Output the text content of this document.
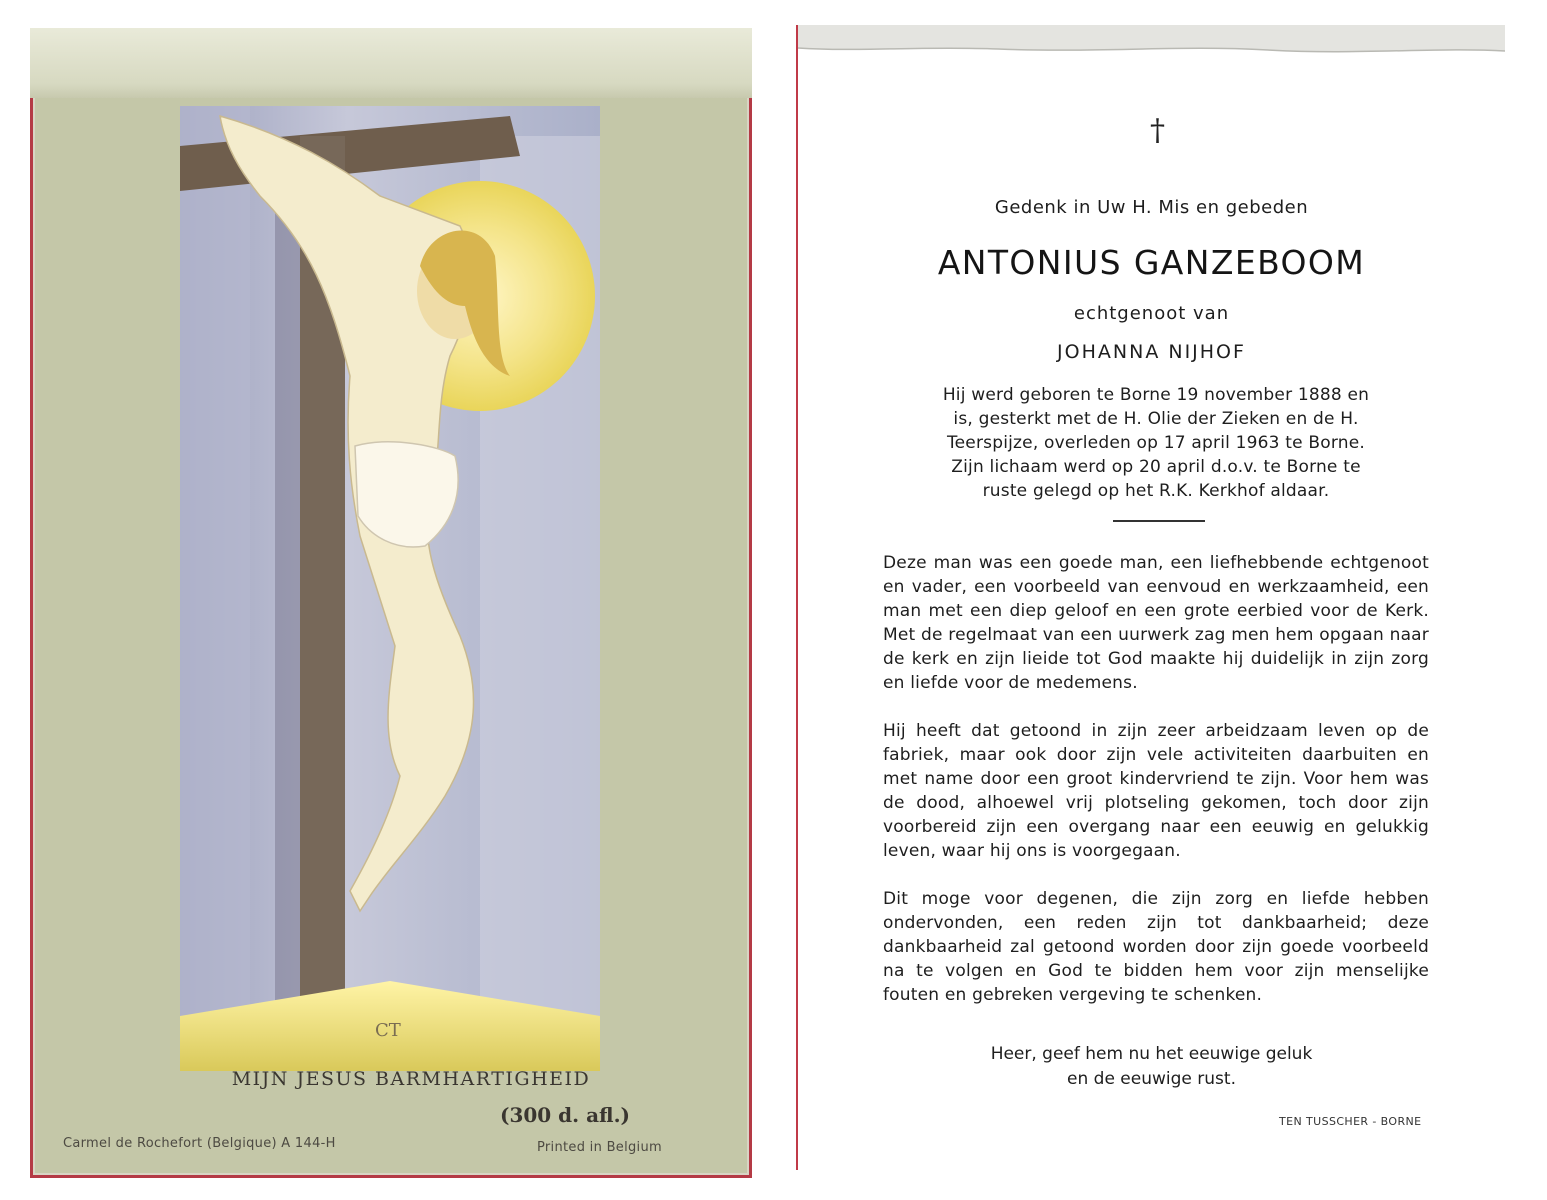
CT
MIJN JESUS BARMHARTIGHEID
(300 d. afl.)
Carmel de Rochefort (Belgique) A 144-H	Printed in Belgium
†
Gedenk in Uw H. Mis en gebeden
ANTONIUS GANZEBOOM
echtgenoot van
JOHANNA NIJHOF
Hij werd geboren te Borne 19 november 1888 en
is, gesterkt met de H. Olie der Zieken en de H.
Teerspijze, overleden op 17 april 1963 te Borne.
Zijn lichaam werd op 20 april d.o.v. te Borne te
ruste gelegd op het R.K. Kerkhof aldaar.
Deze man was een goede man, een liefhebbende echtgenoot en vader, een voorbeeld van eenvoud en werkzaamheid, een man met een diep geloof en een grote eerbied voor de Kerk. Met de regelmaat van een uurwerk zag men hem opgaan naar de kerk en zijn lieide tot God maakte hij duidelijk in zijn zorg en liefde voor de medemens.
Hij heeft dat getoond in zijn zeer arbeidzaam leven op de fabriek, maar ook door zijn vele activiteiten daarbuiten en met name door een groot kindervriend te zijn. Voor hem was de dood, alhoewel vrij plotseling gekomen, toch door zijn voorbereid zijn een overgang naar een eeuwig en gelukkig leven, waar hij ons is voorgegaan.
Dit moge voor degenen, die zijn zorg en liefde hebben ondervonden, een reden zijn tot dankbaarheid; deze dankbaarheid zal getoond worden door zijn goede voorbeeld na te volgen en God te bidden hem voor zijn menselijke fouten en gebreken vergeving te schenken.
Heer, geef hem nu het eeuwige geluk
en de eeuwige rust.
TEN TUSSCHER - BORNE
